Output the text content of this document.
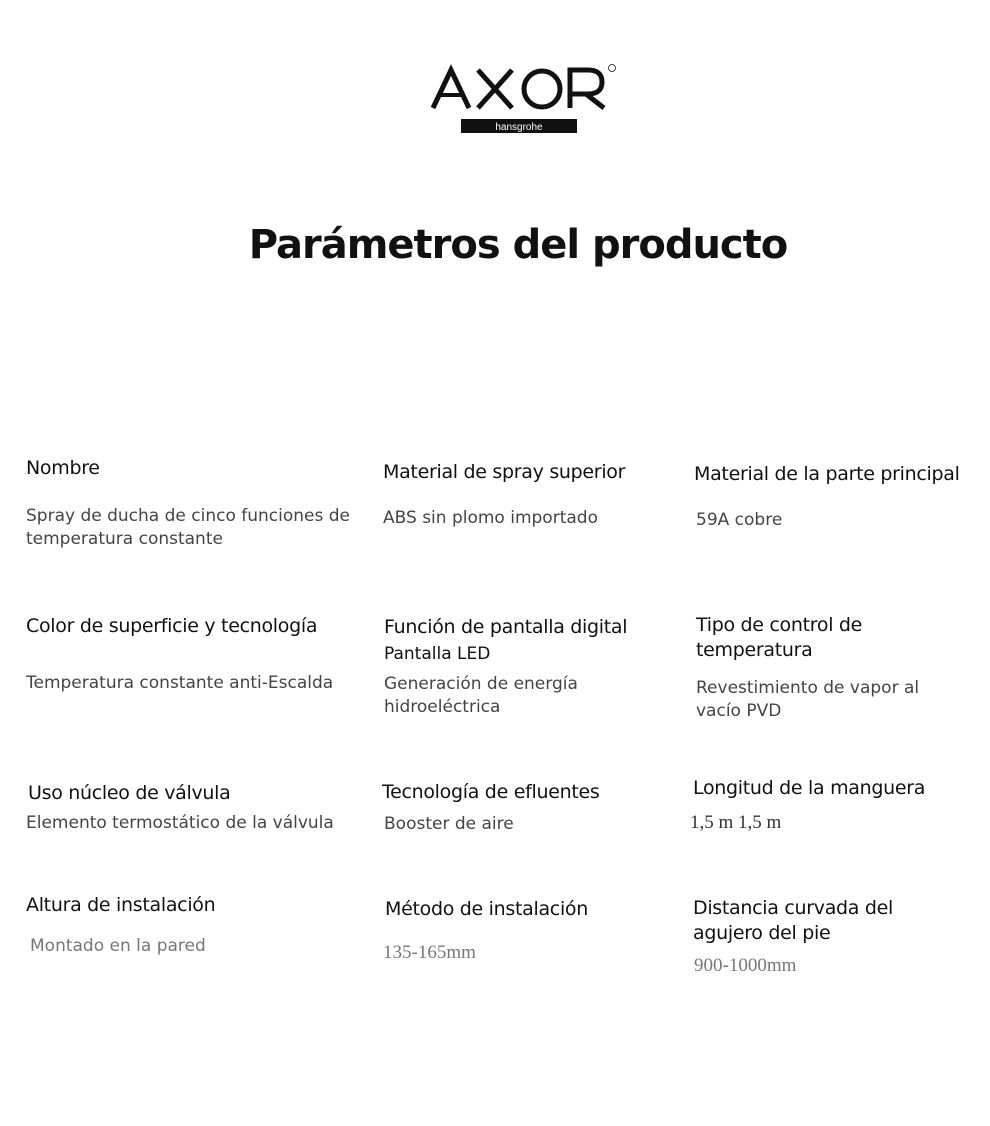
hansgrohe
Parámetros del producto
Nombre
Spray de ducha de cinco funciones de temperatura constante
Material de spray superior
ABS sin plomo importado
Material de la parte principal
59A cobre
Color de superficie y tecnología
Temperatura constante anti-Escalda
Función de pantalla digital
Pantalla LED
Generación de energía hidroeléctrica
Tipo de control de temperatura
Revestimiento de vapor al vacío PVD
Uso núcleo de válvula
Elemento termostático de la válvula
Tecnología de efluentes
Booster de aire
Longitud de la manguera
1,5 m 1,5 m
Altura de instalación
Montado en la pared
Método de instalación
135-165mm
Distancia curvada del agujero del pie
900-1000mm
